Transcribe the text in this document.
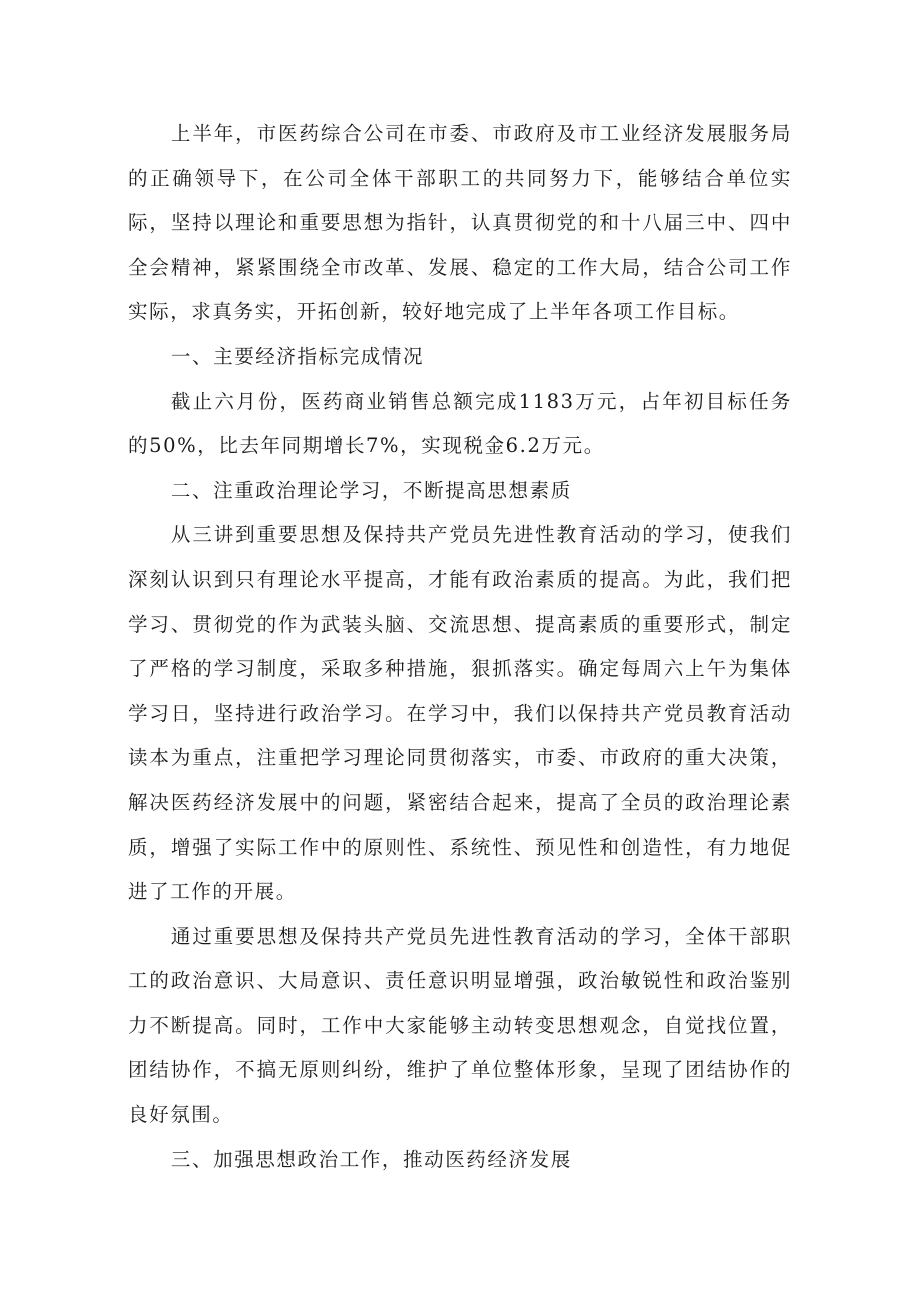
上半年，市医药综合公司在市委、市政府及市工业经济发展服务局的正确领导下，在公司全体干部职工的共同努力下，能够结合单位实际，坚持以理论和重要思想为指针，认真贯彻党的和十八届三中、四中全会精神，紧紧围绕全市改革、发展、稳定的工作大局，结合公司工作实际，求真务实，开拓创新，较好地完成了上半年各项工作目标。

一、主要经济指标完成情况

截止六月份，医药商业销售总额完成1183万元，占年初目标任务的50%，比去年同期增长7%，实现税金6.2万元。

二、注重政治理论学习，不断提高思想素质

从三讲到重要思想及保持共产党员先进性教育活动的学习，使我们深刻认识到只有理论水平提高，才能有政治素质的提高。为此，我们把学习、贯彻党的作为武装头脑、交流思想、提高素质的重要形式，制定了严格的学习制度，采取多种措施，狠抓落实。确定每周六上午为集体学习日，坚持进行政治学习。在学习中，我们以保持共产党员教育活动读本为重点，注重把学习理论同贯彻落实，市委、市政府的重大决策，解决医药经济发展中的问题，紧密结合起来，提高了全员的政治理论素质，增强了实际工作中的原则性、系统性、预见性和创造性，有力地促进了工作的开展。

通过重要思想及保持共产党员先进性教育活动的学习，全体干部职工的政治意识、大局意识、责任意识明显增强，政治敏锐性和政治鉴别力不断提高。同时，工作中大家能够主动转变思想观念，自觉找位置，团结协作，不搞无原则纠纷，维护了单位整体形象，呈现了团结协作的良好氛围。

三、加强思想政治工作，推动医药经济发展
